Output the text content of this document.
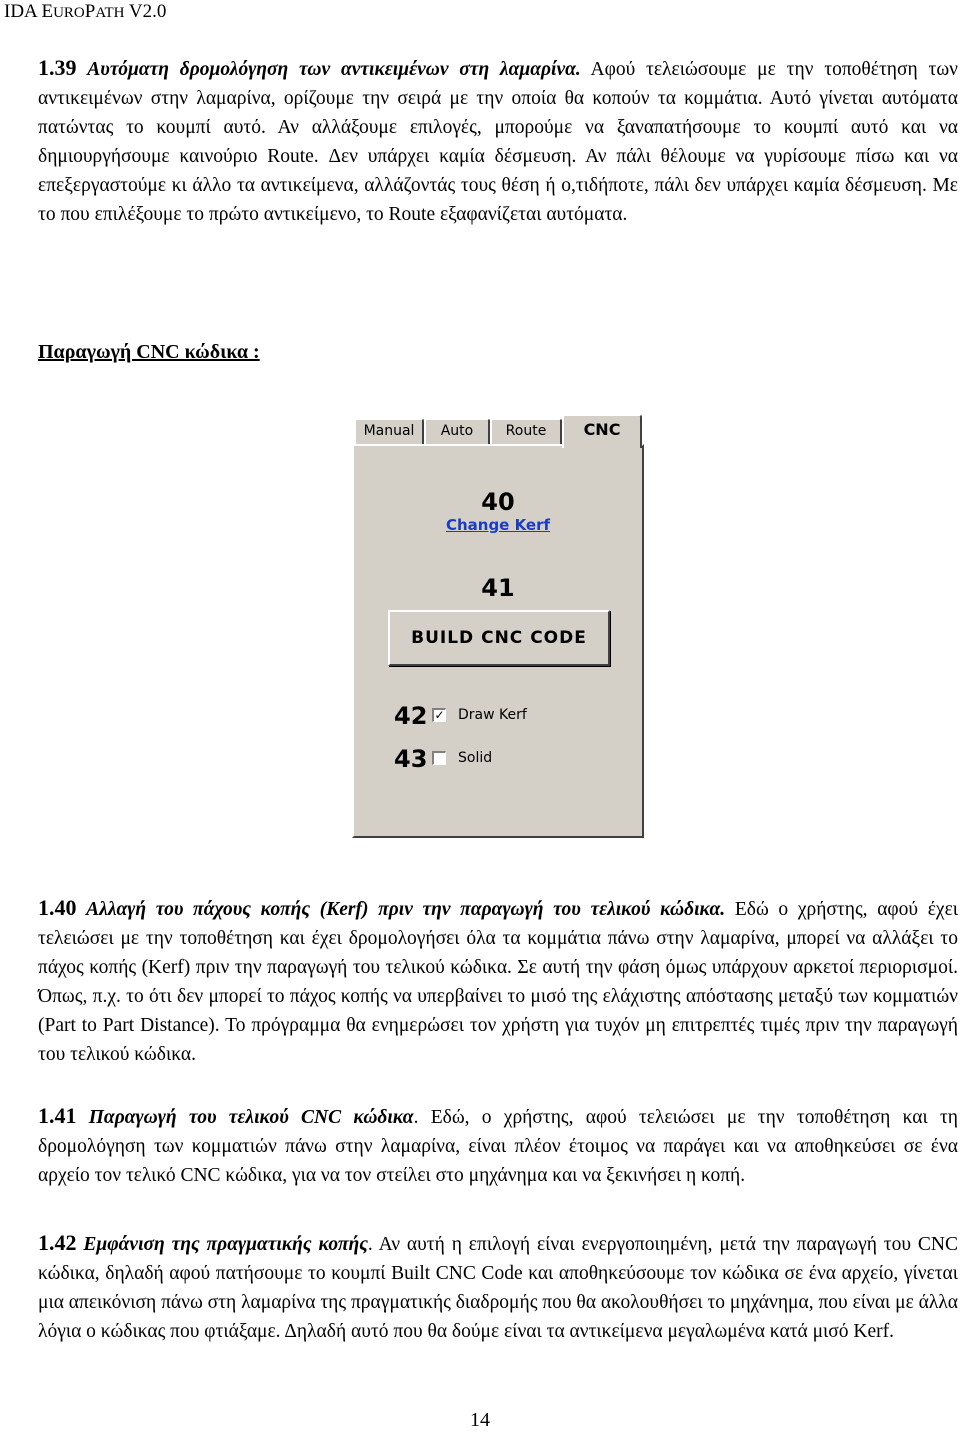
IDA EUROPATH V2.0

1.39 Αυτόματη δρομολόγηση των αντικειμένων στη λαμαρίνα. Αφού τελειώσουμε με την τοποθέτηση των αντικειμένων στην λαμαρίνα, ορίζουμε την σειρά με την οποία θα κοπούν τα κομμάτια. Αυτό γίνεται αυτόματα πατώντας το κουμπί αυτό. Αν αλλάξουμε επιλογές, μπορούμε να ξαναπατήσουμε το κουμπί αυτό και να δημιουργήσουμε καινούριο Route. Δεν υπάρχει καμία δέσμευση. Αν πάλι θέλουμε να γυρίσουμε πίσω και να επεξεργαστούμε κι άλλο τα αντικείμενα, αλλάζοντάς τους θέση ή ο,τιδήποτε, πάλι δεν υπάρχει καμία δέσμευση. Με το που επιλέξουμε το πρώτο αντικείμενο, το Route εξαφανίζεται αυτόματα.

Παραγωγή CNC κώδικα :
Manual	Auto	Route	CNC
40
Change Kerf
41
BUILD CNC CODE
42 ✓ Draw Kerf
43 Solid

1.40 Αλλαγή του πάχους κοπής (Kerf) πριν την παραγωγή του τελικού κώδικα. Εδώ ο χρήστης, αφού έχει τελειώσει με την τοποθέτηση και έχει δρομολογήσει όλα τα κομμάτια πάνω στην λαμαρίνα, μπορεί να αλλάξει το πάχος κοπής (Kerf) πριν την παραγωγή του τελικού κώδικα. Σε αυτή την φάση όμως υπάρχουν αρκετοί περιορισμοί. Όπως, π.χ. το ότι δεν μπορεί το πάχος κοπής να υπερβαίνει το μισό της ελάχιστης απόστασης μεταξύ των κομματιών (Part to Part Distance). Το πρόγραμμα θα ενημερώσει τον χρήστη για τυχόν μη επιτρεπτές τιμές πριν την παραγωγή του τελικού κώδικα.

1.41 Παραγωγή του τελικού CNC κώδικα. Εδώ, ο χρήστης, αφού τελειώσει με την τοποθέτηση και τη δρομολόγηση των κομματιών πάνω στην λαμαρίνα, είναι πλέον έτοιμος να παράγει και να αποθηκεύσει σε ένα αρχείο τον τελικό CNC κώδικα, για να τον στείλει στο μηχάνημα και να ξεκινήσει η κοπή.

1.42 Εμφάνιση της πραγματικής κοπής. Αν αυτή η επιλογή είναι ενεργοποιημένη, μετά την παραγωγή του CNC κώδικα, δηλαδή αφού πατήσουμε το κουμπί Built CNC Code και αποθηκεύσουμε τον κώδικα σε ένα αρχείο, γίνεται μια απεικόνιση πάνω στη λαμαρίνα της πραγματικής διαδρομής που θα ακολουθήσει το μηχάνημα, που είναι με άλλα λόγια ο κώδικας που φτιάξαμε. Δηλαδή αυτό που θα δούμε είναι τα αντικείμενα μεγαλωμένα κατά μισό Kerf.

14
